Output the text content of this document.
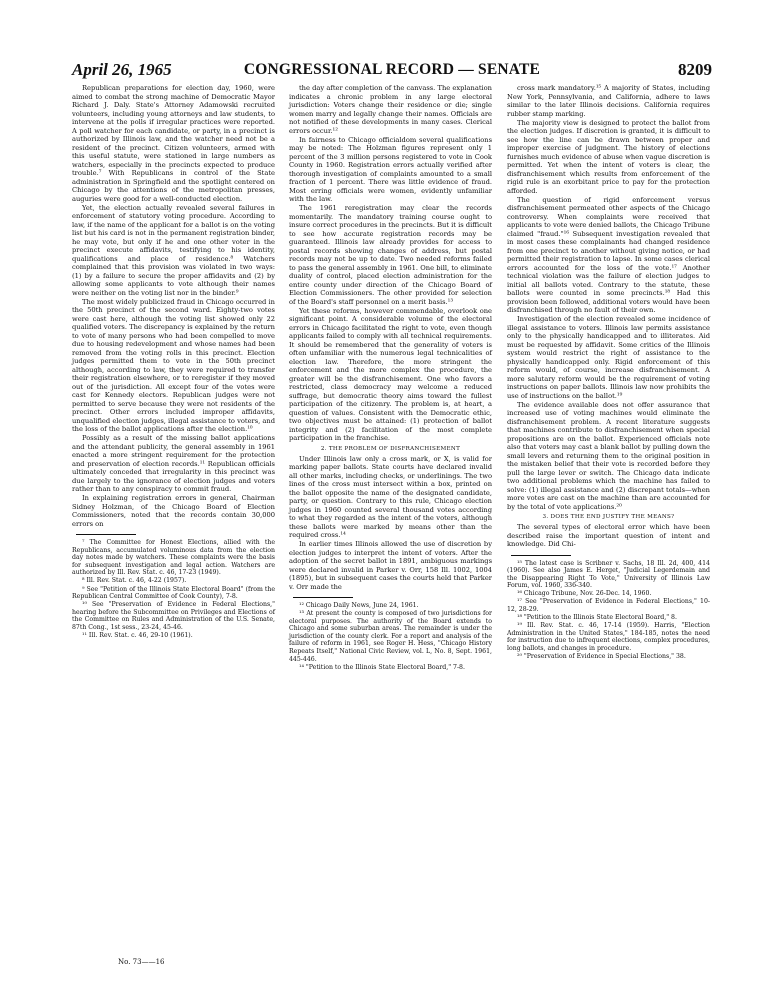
April 26, 1965	CONGRESSIONAL RECORD — SENATE	8209

Republican preparations for election day, 1960, were aimed to combat the strong machine of Democratic Mayor Richard J. Daly. State's Attorney Adamowski recruited volunteers, including young attorneys and law students, to intervene at the polls if irregular practices were reported. A poll watcher for each candidate, or party, in a precinct is authorized by Illinois law, and the watcher need not be a resident of the precinct. Citizen volunteers, armed with this useful statute, were stationed in large numbers as watchers, especially in the precincts expected to produce trouble.⁷ With Republicans in control of the State administration in Springfield and the spotlight centered on Chicago by the attentions of the metropolitan presses, auguries were good for a well-conducted election.

Yet, the election actually revealed several failures in enforcement of statutory voting procedure. According to law, if the name of the applicant for a ballot is on the voting list but his card is not in the permanent registration binder, he may vote, but only if he and one other voter in the precinct execute affidavits, testifying to his identity, qualifications and place of residence.⁸ Watchers complained that this provision was violated in two ways: (1) by a failure to secure the proper affidavits and (2) by allowing some applicants to vote although their names were neither on the voting list nor in the binder.⁹

The most widely publicized fraud in Chicago occurred in the 50th precinct of the second ward. Eighty-two votes were cast here, although the voting list showed only 22 qualified voters. The discrepancy is explained by the return to vote of many persons who had been compelled to move due to housing redevelopment and whose names had been removed from the voting rolls in this precinct. Election judges permitted them to vote in the 50th precinct although, according to law, they were required to transfer their registration elsewhere, or to reregister if they moved out of the jurisdiction. All except four of the votes were cast for Kennedy electors. Republican judges were not permitted to serve because they were not residents of the precinct. Other errors included improper affidavits, unqualified election judges, illegal assistance to voters, and the loss of the ballot applications after the election.¹⁰

Possibly as a result of the missing ballot applications and the attendant publicity, the general assembly in 1961 enacted a more stringent requirement for the protection and preservation of election records.¹¹ Republican officials ultimately conceded that irregularity in this precinct was due largely to the ignorance of election judges and voters rather than to any conspiracy to commit fraud.

In explaining registration errors in general, Chairman Sidney Holzman, of the Chicago Board of Election Commissioners, noted that the records contain 30,000 errors on

⁷ The Committee for Honest Elections, allied with the Republicans, accumulated voluminous data from the election day notes made by watchers. These complaints were the basis for subsequent investigation and legal action. Watchers are authorized by Ill. Rev. Stat. c. 46, 17-23 (1949).

⁸ Ill. Rev. Stat. c. 46, 4-22 (1957).

⁹ See "Petition of the Illinois State Electoral Board" (from the Republican Central Committee of Cook County), 7-8.

¹⁰ See "Preservation of Evidence in Federal Elections," hearing before the Subcommittee on Privileges and Elections of the Committee on Rules and Administration of the U.S. Senate, 87th Cong., 1st sess., 23-24, 45-46.

¹¹ Ill. Rev. Stat. c. 46, 29-10 (1961).

the day after completion of the canvass. The explanation indicates a chronic problem in any large electoral jurisdiction: Voters change their residence or die; single women marry and legally change their names. Officials are not notified of these developments in many cases. Clerical errors occur.¹²

In fairness to Chicago officialdom several qualifications may be noted: The Holzman figures represent only 1 percent of the 3 million persons registered to vote in Cook County in 1960. Registration errors actually verified after thorough investigation of complaints amounted to a small fraction of 1 percent. There was little evidence of fraud. Most erring officials were women, evidently unfamiliar with the law.

The 1961 reregistration may clear the records momentarily. The mandatory training course ought to insure correct procedures in the precincts. But it is difficult to see how accurate registration records may be guaranteed. Illinois law already provides for access to postal records showing changes of address, but postal records may not be up to date. Two needed reforms failed to pass the general assembly in 1961. One bill, to eliminate duality of control, placed election administration for the entire county under direction of the Chicago Board of Election Commissioners. The other provided for selection of the Board's staff personnel on a merit basis.¹³

Yet these reforms, however commendable, overlook one significant point. A considerable volume of the electoral errors in Chicago facilitated the right to vote, even though applicants failed to comply with all technical requirements. It should be remembered that the generality of voters is often unfamiliar with the numerous legal technicalities of election law. Therefore, the more stringent the enforcement and the more complex the procedure, the greater will be the disfranchisement. One who favors a restricted, class democracy may welcome a reduced suffrage, but democratic theory aims toward the fullest participation of the citizenry. The problem is, at heart, a question of values. Consistent with the Democratic ethic, two objectives must be attained: (1) protection of ballot integrity and (2) facilitation of the most complete participation in the franchise.

2. THE PROBLEM OF DISFRANCHISEMENT

Under Illinois law only a cross mark, or X, is valid for marking paper ballots. State courts have declared invalid all other marks, including checks, or underlinings. The two lines of the cross must intersect within a box, printed on the ballot opposite the name of the designated candidate, party, or question. Contrary to this rule, Chicago election judges in 1960 counted several thousand votes according to what they regarded as the intent of the voters, although these ballots were marked by means other than the required cross.¹⁴

In earlier times Illinois allowed the use of discretion by election judges to interpret the intent of voters. After the adoption of the secret ballot in 1891, ambiguous markings were declared invalid in Parker v. Orr, 158 Ill. 1002, 1004 (1895), but in subsequent cases the courts held that Parker v. Orr made the

¹² Chicago Daily News, June 24, 1961.

¹³ At present the county is composed of two jurisdictions for electoral purposes. The authority of the Board extends to Chicago and some suburban areas. The remainder is under the jurisdiction of the county clerk. For a report and analysis of the failure of reform in 1961, see Roger H. Hess, "Chicago History Repeats Itself," National Civic Review, vol. L, No. 8, Sept. 1961, 445-446.

¹⁴ "Petition to the Illinois State Electoral Board," 7-8.

cross mark mandatory.¹⁵ A majority of States, including New York, Pennsylvania, and California, adhere to laws similar to the later Illinois decisions. California requires rubber stamp marking.

The majority view is designed to protect the ballot from the election judges. If discretion is granted, it is difficult to see how the line can be drawn between proper and improper exercise of judgment. The history of elections furnishes much evidence of abuse when vague discretion is permitted. Yet when the intent of voters is clear, the disfranchisement which results from enforcement of the rigid rule is an exorbitant price to pay for the protection afforded.

The question of rigid enforcement versus disfranchisement permeated other aspects of the Chicago controversy. When complaints were received that applicants to vote were denied ballots, the Chicago Tribune claimed "fraud."¹⁶ Subsequent investigation revealed that in most cases these complainants had changed residence from one precinct to another without giving notice, or had permitted their registration to lapse. In some cases clerical errors accounted for the loss of the vote.¹⁷ Another technical violation was the failure of election judges to initial all ballots voted. Contrary to the statute, these ballots were counted in some precincts.¹⁸ Had this provision been followed, additional voters would have been disfranchised through no fault of their own.

Investigation of the election revealed some incidence of illegal assistance to voters. Illinois law permits assistance only to the physically handicapped and to illiterates. Aid must be requested by affidavit. Some critics of the Illinois system would restrict the right of assistance to the physically handicapped only. Rigid enforcement of this reform would, of course, increase disfranchisement. A more salutary reform would be the requirement of voting instructions on paper ballots. Illinois law now prohibits the use of instructions on the ballot.¹⁹

The evidence available does not offer assurance that increased use of voting machines would eliminate the disfranchisement problem. A recent literature suggests that machines contribute to disfranchisement when special propositions are on the ballot. Experienced officials note also that voters may cast a blank ballot by pulling down the small levers and returning them to the original position in the mistaken belief that their vote is recorded before they pull the large lever or switch. The Chicago data indicate two additional problems which the machine has failed to solve: (1) illegal assistance and (2) discrepant totals—when more votes are cast on the machine than are accounted for by the total of vote applications.²⁰

3. DOES THE END JUSTIFY THE MEANS?

The several types of electoral error which have been described raise the important question of intent and knowledge. Did Chi-

¹⁵ The latest case is Scribner v. Sachs, 18 Ill. 2d, 400, 414 (1960). See also James E. Herget, "Judicial Legerdemain and the Disappearing Right To Vote," University of Illinois Law Forum, vol. 1960, 336-340.

¹⁶ Chicago Tribune, Nov. 26-Dec. 14, 1960.

¹⁷ See "Preservation of Evidence in Federal Elections," 10-12, 28-29.

¹⁸ "Petition to the Illinois State Electoral Board," 8.

¹⁹ Ill. Rev. Stat. c. 46, 17-14 (1959). Harris, "Election Administration in the United States," 184-185, notes the need for instruction due to infrequent elections, complex procedures, long ballots, and changes in procedure.

²⁰ "Preservation of Evidence in Special Elections," 38.

No. 73——16
